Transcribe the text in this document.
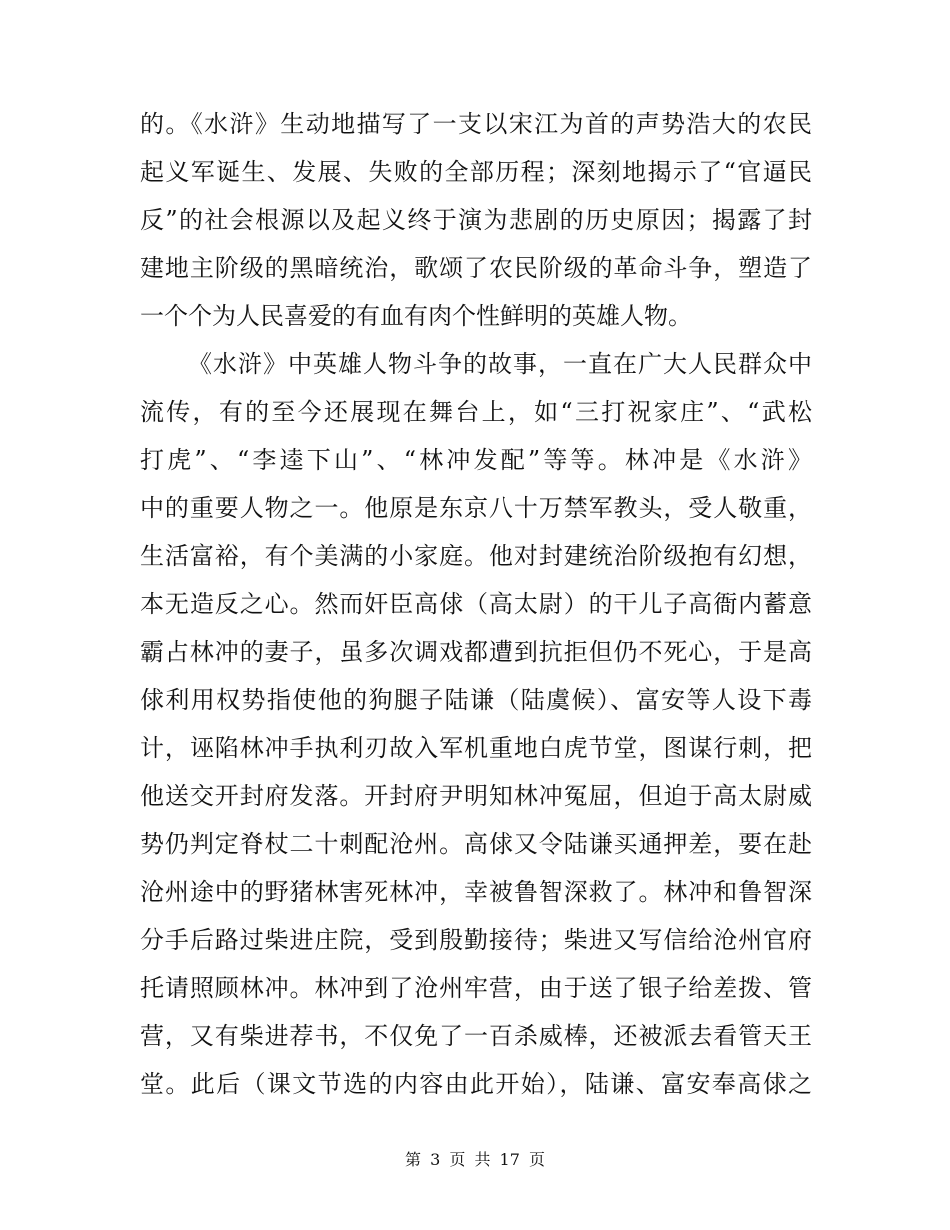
的。《水浒》生动地描写了一支以宋江为首的声势浩大的农民
起义军诞生、发展、失败的全部历程；深刻地揭示了“官逼民
反”的社会根源以及起义终于演为悲剧的历史原因；揭露了封
建地主阶级的黑暗统治，歌颂了农民阶级的革命斗争，塑造了
一个个为人民喜爱的有血有肉个性鲜明的英雄人物。
《水浒》中英雄人物斗争的故事，一直在广大人民群众中
流传，有的至今还展现在舞台上，如“三打祝家庄”、“武松
打虎”、“李逵下山”、“林冲发配”等等。林冲是《水浒》
中的重要人物之一。他原是东京八十万禁军教头，受人敬重，
生活富裕，有个美满的小家庭。他对封建统治阶级抱有幻想，
本无造反之心。然而奸臣高俅（高太尉）的干儿子高衙内蓄意
霸占林冲的妻子，虽多次调戏都遭到抗拒但仍不死心，于是高
俅利用权势指使他的狗腿子陆谦（陆虞候）、富安等人设下毒
计，诬陷林冲手执利刃故入军机重地白虎节堂，图谋行刺，把
他送交开封府发落。开封府尹明知林冲冤屈，但迫于高太尉威
势仍判定脊杖二十刺配沧州。高俅又令陆谦买通押差，要在赴
沧州途中的野猪林害死林冲，幸被鲁智深救了。林冲和鲁智深
分手后路过柴进庄院，受到殷勤接待；柴进又写信给沧州官府
托请照顾林冲。林冲到了沧州牢营，由于送了银子给差拨、管
营，又有柴进荐书，不仅免了一百杀威棒，还被派去看管天王
堂。此后（课文节选的内容由此开始），陆谦、富安奉高俅之
第 3 页 共 17 页
